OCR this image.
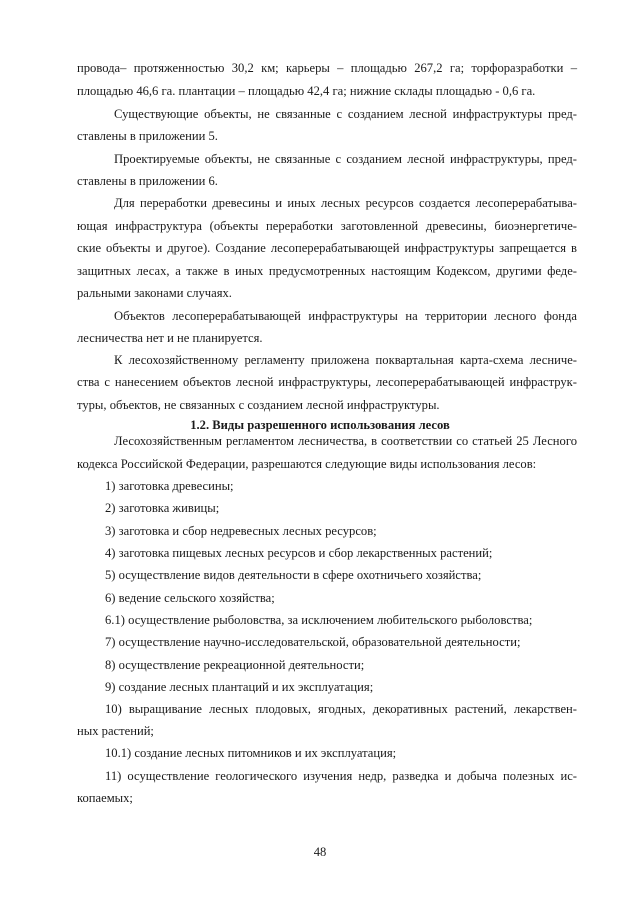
провода– протяженностью 30,2 км; карьеры – площадью 267,2 га; торфоразработки –
площадью 46,6 га. плантации – площадью 42,4 га; нижние склады площадью - 0,6 га.
Существующие объекты, не связанные с созданием лесной инфраструктуры пред-
ставлены в приложении 5.
Проектируемые объекты, не связанные с созданием лесной инфраструктуры, пред-
ставлены в приложении 6.
Для переработки древесины и иных лесных ресурсов создается лесоперерабатыва-
ющая инфраструктура (объекты переработки заготовленной древесины, биоэнергетиче-
ские объекты и другое). Создание лесоперерабатывающей инфраструктуры запрещается в
защитных лесах, а также в иных предусмотренных настоящим Кодексом, другими феде-
ральными законами случаях.
Объектов лесоперерабатывающей инфраструктуры на территории лесного фонда
лесничества нет и не планируется.
К лесохозяйственному регламенту приложена поквартальная карта-схема лесниче-
ства с нанесением объектов лесной инфраструктуры, лесоперерабатывающей инфраструк-
туры, объектов, не связанных с созданием лесной инфраструктуры.
1.2. Виды разрешенного использования лесов
Лесохозяйственным регламентом лесничества, в соответствии со статьей 25 Лесного
кодекса Российской Федерации, разрешаются следующие виды использования лесов:
1) заготовка древесины;
2) заготовка живицы;
3) заготовка и сбор недревесных лесных ресурсов;
4) заготовка пищевых лесных ресурсов и сбор лекарственных растений;
5) осуществление видов деятельности в сфере охотничьего хозяйства;
6) ведение сельского хозяйства;
6.1) осуществление рыболовства, за исключением любительского рыболовства;
7) осуществление научно-исследовательской, образовательной деятельности;
8) осуществление рекреационной деятельности;
9) создание лесных плантаций и их эксплуатация;
10) выращивание лесных плодовых, ягодных, декоративных растений, лекарствен-
ных растений;
10.1) создание лесных питомников и их эксплуатация;
11) осуществление геологического изучения недр, разведка и добыча полезных ис-
копаемых;
48
